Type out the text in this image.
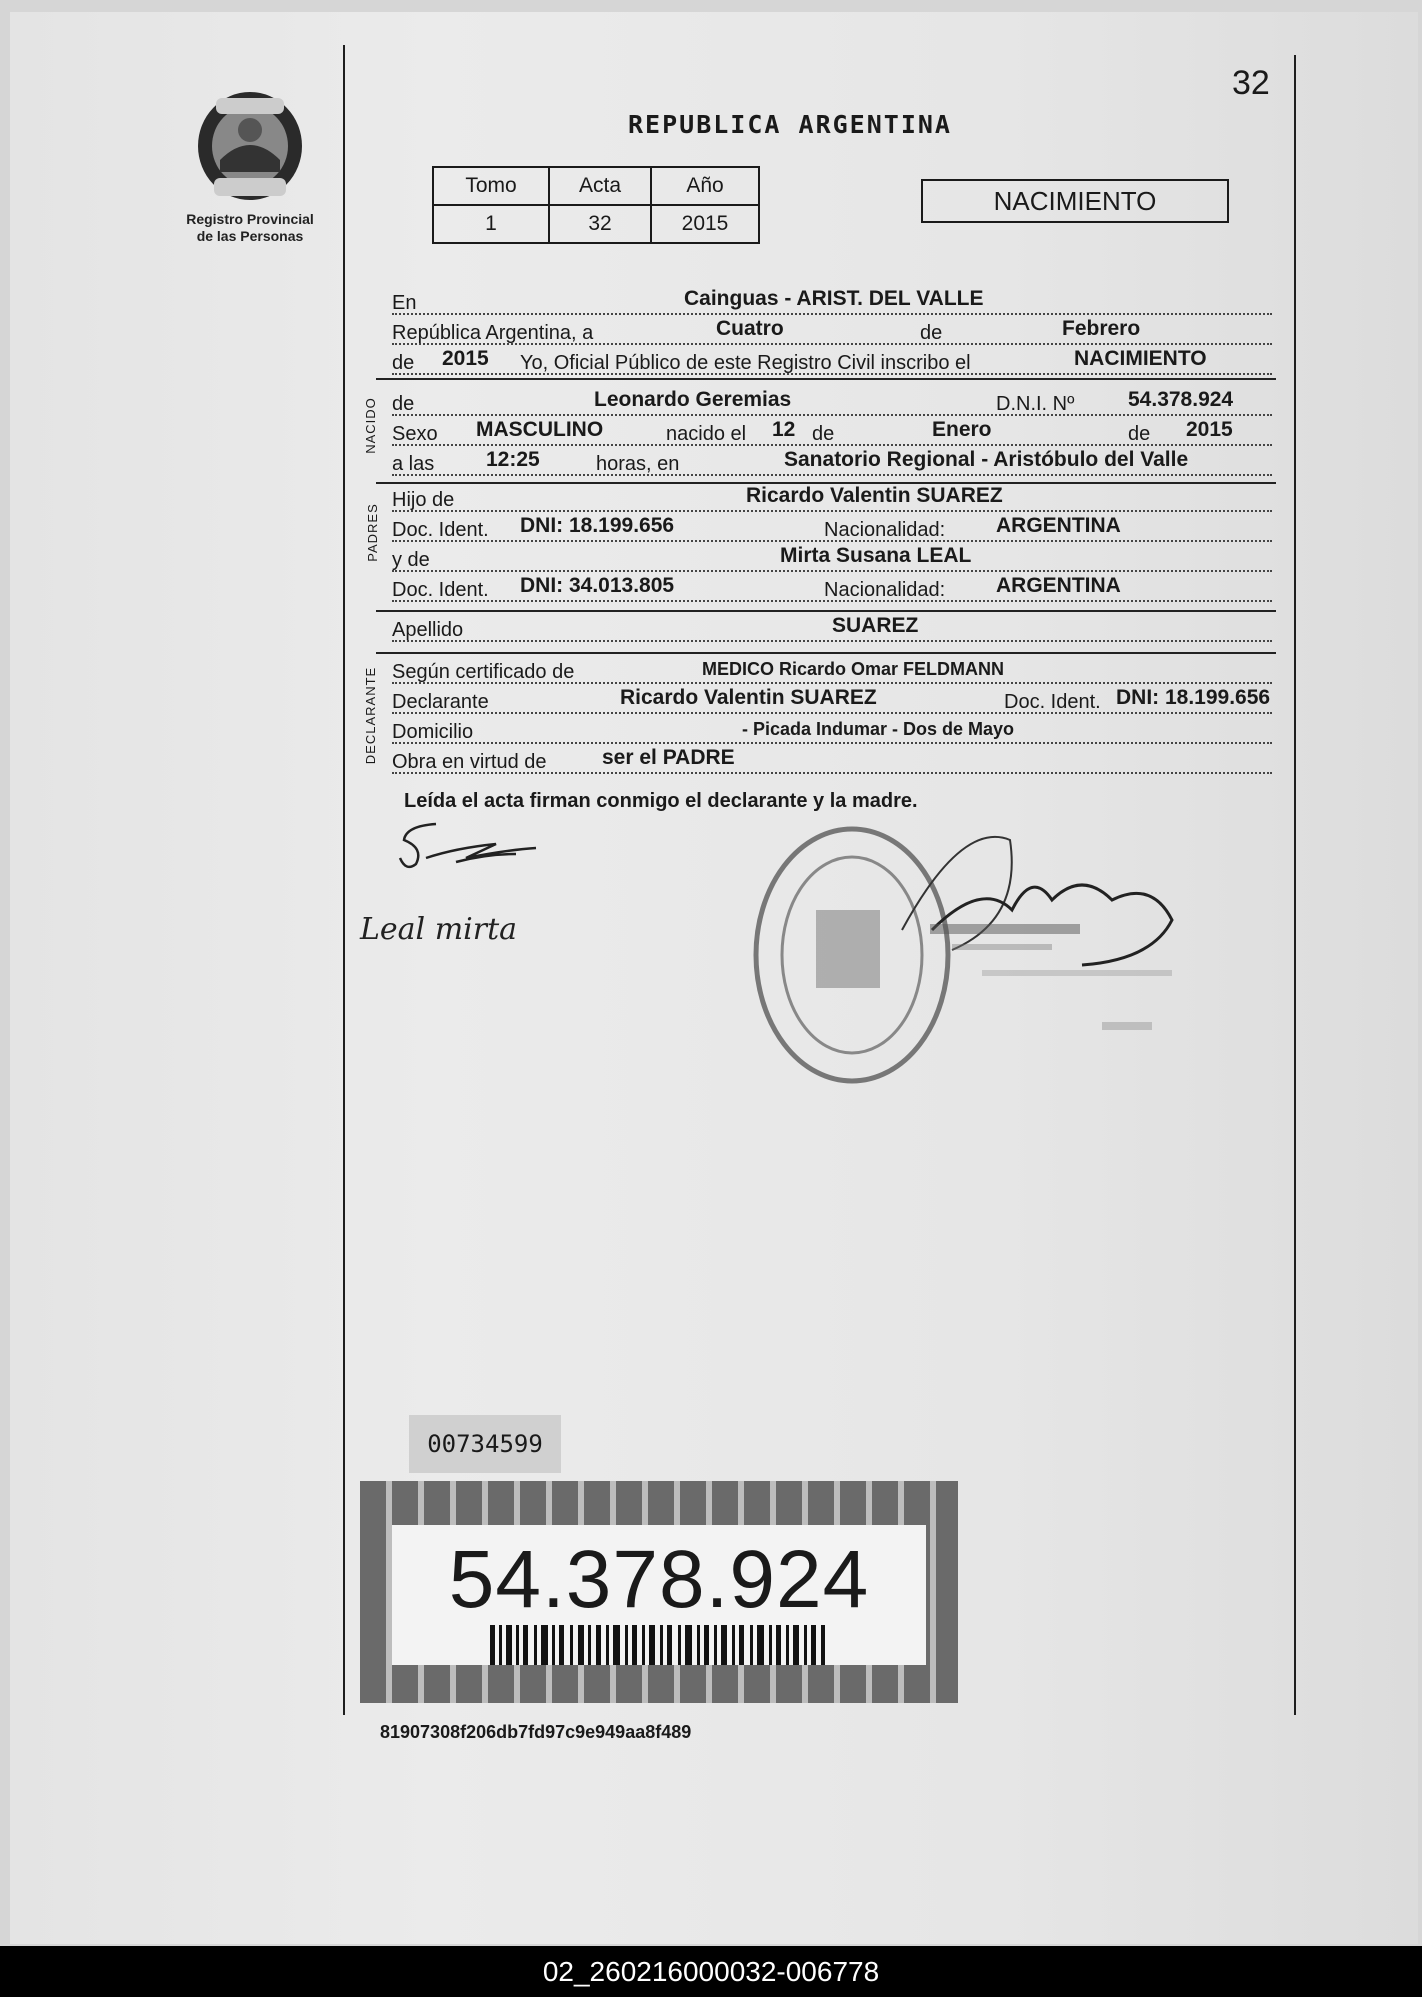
Registro Provincial
de las Personas
32
REPUBLICA ARGENTINA
Tomo	Acta	Año
1	32	2015
NACIMIENTO
En	Cainguas - ARIST. DEL VALLE
República Argentina, a	Cuatro	de	Febrero
de 2015 Yo, Oficial Público de este Registro Civil inscribo el	NACIMIENTO
NACIDO de	Leonardo Geremias	D.N.I. Nº	54.378.924
Sexo MASCULINO	nacido el 12 de	Enero	de 2015
a las 12:25	horas, en	Sanatorio Regional - Aristóbulo del Valle
PADRES
Hijo de	Ricardo Valentin SUAREZ
Doc. Ident. DNI: 18.199.656	Nacionalidad: ARGENTINA
y de	Mirta Susana LEAL
Doc. Ident. DNI: 34.013.805	Nacionalidad: ARGENTINA
Apellido	SUAREZ
DECLARANTE Según certificado de	MEDICO Ricardo Omar FELDMANN
Declarante	Ricardo Valentin SUAREZ	Doc. Ident. DNI: 18.199.656
Domicilio	- Picada Indumar - Dos de Mayo
Obra en virtud de	ser el PADRE
Leída el acta firman conmigo el declarante y la madre.
Leal mirta
00734599
54.378.924
81907308f206db7fd97c9e949aa8f489
02_260216000032-006778
